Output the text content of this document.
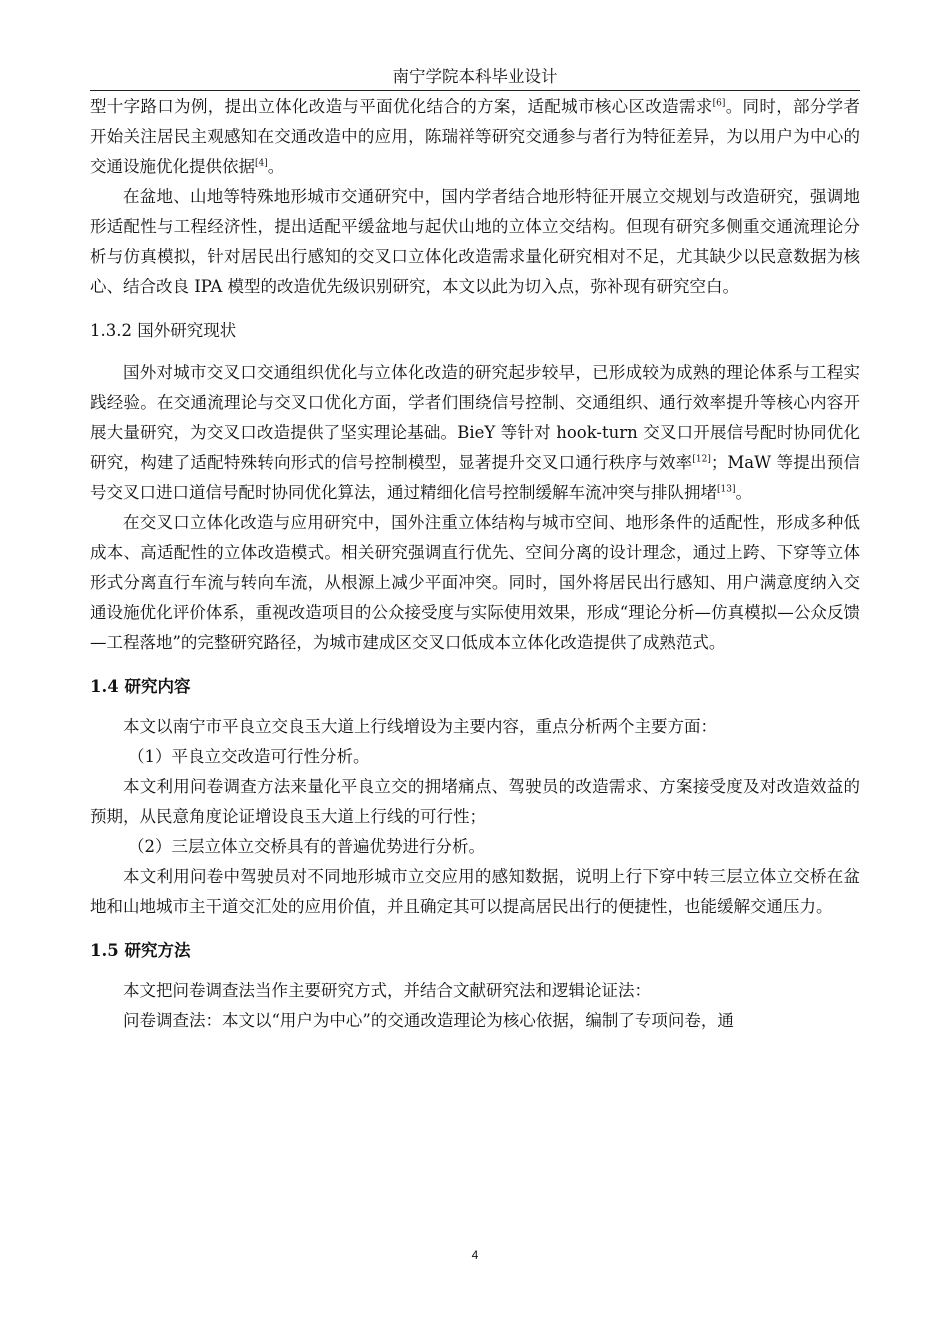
南宁学院本科毕业设计

型十字路口为例，提出立体化改造与平面优化结合的方案，适配城市核心区改造需求[6]。同时，部分学者开始关注居民主观感知在交通改造中的应用，陈瑞祥等研究交通参与者行为特征差异，为以用户为中心的交通设施优化提供依据[4]。

在盆地、山地等特殊地形城市交通研究中，国内学者结合地形特征开展立交规划与改造研究，强调地形适配性与工程经济性，提出适配平缓盆地与起伏山地的立体立交结构。但现有研究多侧重交通流理论分析与仿真模拟，针对居民出行感知的交叉口立体化改造需求量化研究相对不足，尤其缺少以民意数据为核心、结合改良 IPA 模型的改造优先级识别研究，本文以此为切入点，弥补现有研究空白。

1.3.2 国外研究现状

国外对城市交叉口交通组织优化与立体化改造的研究起步较早，已形成较为成熟的理论体系与工程实践经验。在交通流理论与交叉口优化方面，学者们围绕信号控制、交通组织、通行效率提升等核心内容开展大量研究，为交叉口改造提供了坚实理论基础。BieY 等针对 hook-turn 交叉口开展信号配时协同优化研究，构建了适配特殊转向形式的信号控制模型，显著提升交叉口通行秩序与效率[12]；MaW 等提出预信号交叉口进口道信号配时协同优化算法，通过精细化信号控制缓解车流冲突与排队拥堵[13]。

在交叉口立体化改造与应用研究中，国外注重立体结构与城市空间、地形条件的适配性，形成多种低成本、高适配性的立体改造模式。相关研究强调直行优先、空间分离的设计理念，通过上跨、下穿等立体形式分离直行车流与转向车流，从根源上减少平面冲突。同时，国外将居民出行感知、用户满意度纳入交通设施优化评价体系，重视改造项目的公众接受度与实际使用效果，形成“理论分析—仿真模拟—公众反馈—工程落地”的完整研究路径，为城市建成区交叉口低成本立体化改造提供了成熟范式。

1.4 研究内容

本文以南宁市平良立交良玉大道上行线增设为主要内容，重点分析两个主要方面：

（1）平良立交改造可行性分析。

本文利用问卷调查方法来量化平良立交的拥堵痛点、驾驶员的改造需求、方案接受度及对改造效益的预期，从民意角度论证增设良玉大道上行线的可行性；

（2）三层立体立交桥具有的普遍优势进行分析。

本文利用问卷中驾驶员对不同地形城市立交应用的感知数据，说明上行下穿中转三层立体立交桥在盆地和山地城市主干道交汇处的应用价值，并且确定其可以提高居民出行的便捷性，也能缓解交通压力。

1.5 研究方法

本文把问卷调查法当作主要研究方式，并结合文献研究法和逻辑论证法：

问卷调查法：本文以“用户为中心”的交通改造理论为核心依据，编制了专项问卷，通

4
